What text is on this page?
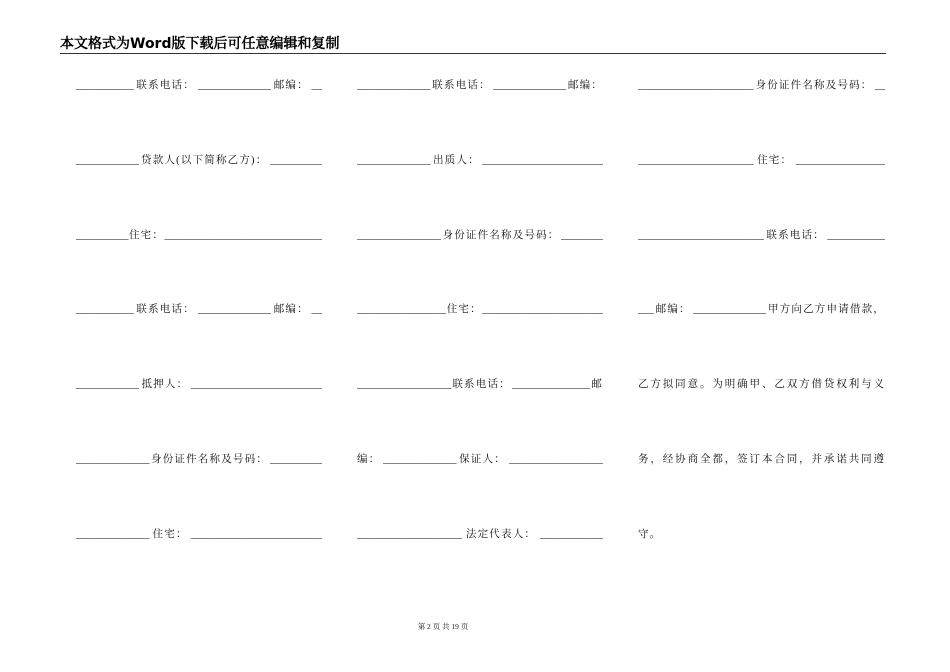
本文格式为Word版下载后可任意编辑和复制
___________ 联系电话： ______________ 邮编： __
____________ 贷款人(以下简称乙方)： __________
__________ 住宅： ______________________________
___________ 联系电话： ______________ 邮编： __
____________ 抵押人： _________________________
______________ 身份证件名称及号码： __________
______________ 住宅： _________________________
______________ 联系电话： ______________ 邮编：
______________ 出质人： _______________________
________________ 身份证件名称及号码： ________
_________________ 住宅： _______________________
__________________ 联系电话： _______________ 邮
编： ______________ 保证人： __________________
____________________ 法定代表人： ____________
______________________ 身份证件名称及号码： __
______________________ 住宅： _________________
________________________ 联系电话： ___________
___ 邮编： ______________ 甲方向乙方申请借款，
乙方拟同意。为明确甲、乙双方借贷权利与义
务，经协商全都，签订本合同，并承诺共同遵
守。
第 2 页 共 19 页
